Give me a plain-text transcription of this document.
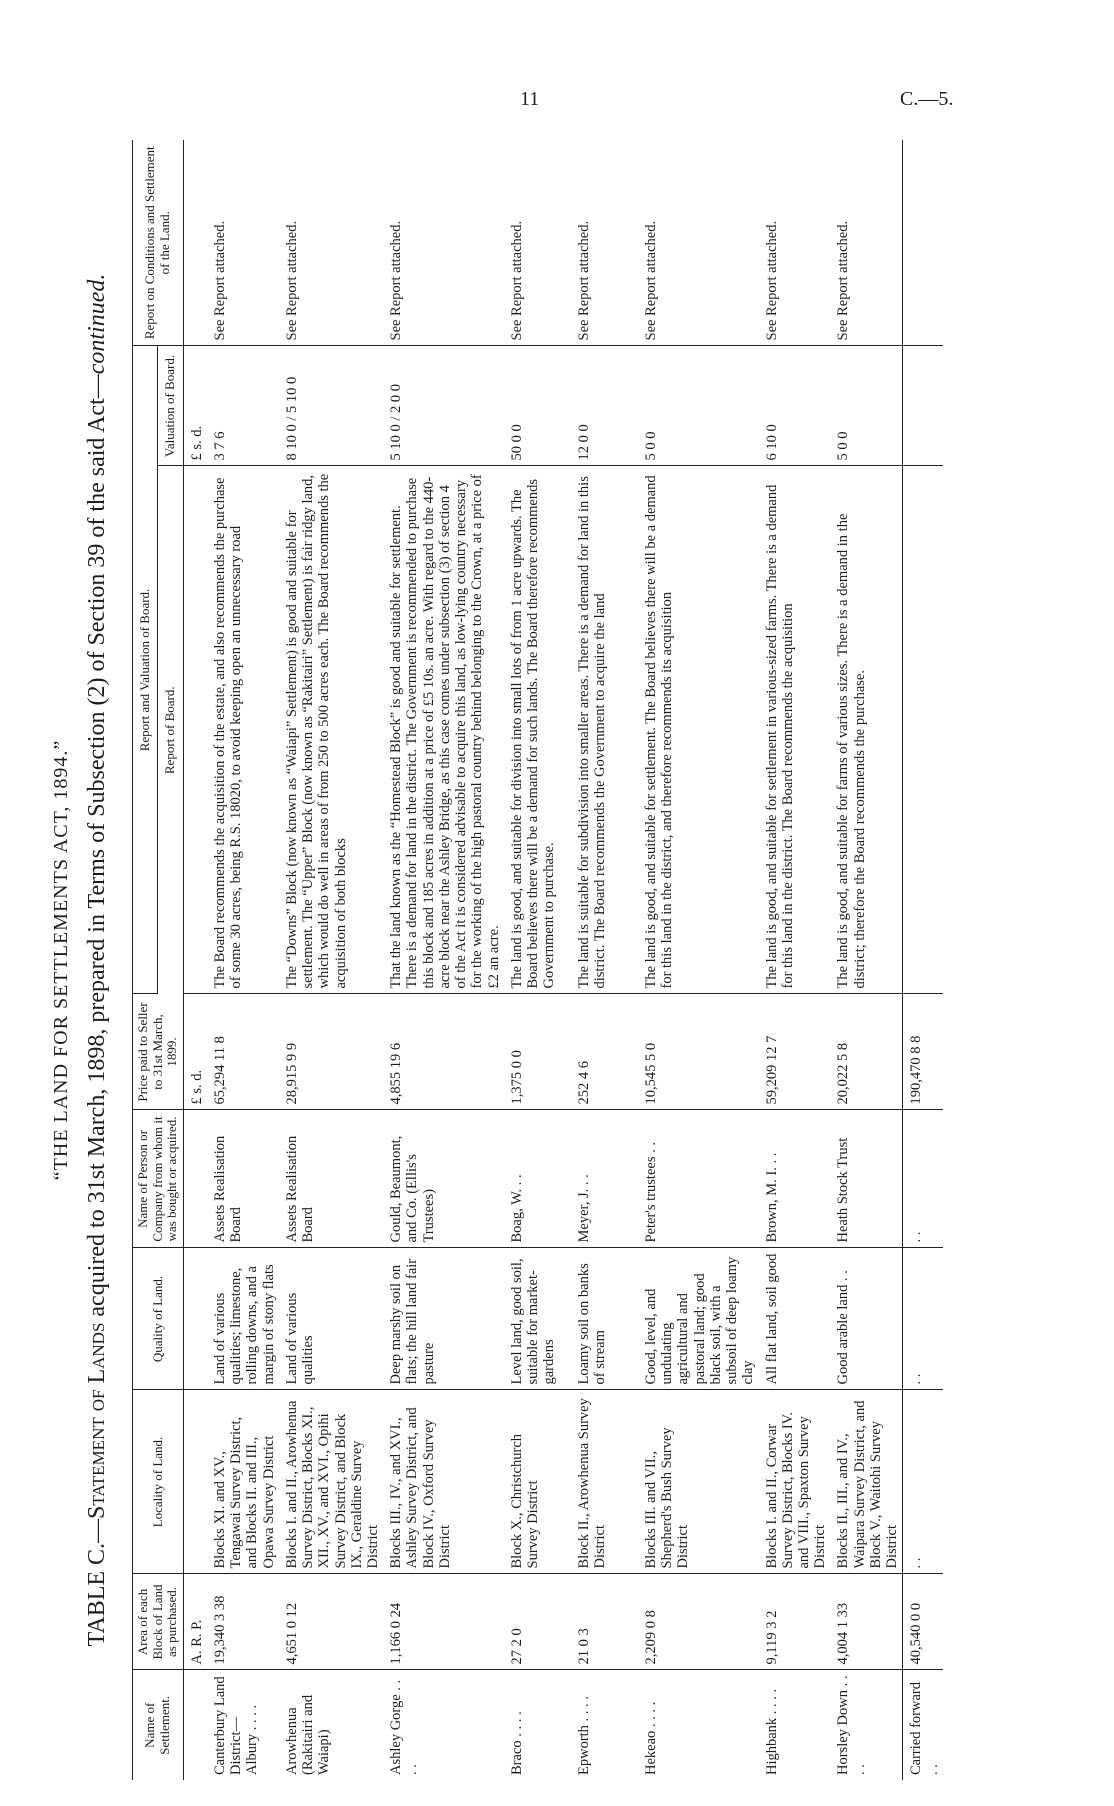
11	C.—5.
“THE LAND FOR SETTLEMENTS ACT, 1894.”
TABLE C.—Statement of Lands acquired to 31st March, 1898, prepared in Terms of Subsection (2) of Section 39 of the said Act—continued.
Name of Settlement.	Area of each Block of Land as purchased.	Locality of Land.	Quality of Land.	Name of Person or Company from whom it was bought or acquired.	Price paid to Seller to 31st March, 1899.	Report and Valuation of Board.		Report on Conditions and Settlement of the Land.
						Report of Board.	Valuation of Board.	
	A. R. P.				£ s. d.		£ s. d.	
Canterbury Land District— Albury . . . .	19,340 3 38	Blocks XI. and XV., Tengawai Survey District, and Blocks II. and III., Opawa Survey District	Land of various qualities; limestone, rolling downs, and a margin of stony flats	Assets Realisation Board	65,294 11 8	The Board recommends the acquisition of the estate, and also recommends the purchase of some 30 acres, being R.S. 18020, to avoid keeping open an unnecessary road	3 7 6	See Report attached.
Arowhenua (Rakitairi and Waiapi)	4,651 0 12	Blocks I. and II., Arowhenua Survey District, Blocks XI., XII., XV., and XVI., Opihi Survey District, and Block IX., Geraldine Survey District	Land of various qualities	Assets Realisation Board	28,915 9 9	The “Downs” Block (now known as “Waiapi” Settlement) is good and suitable for settlement. The “Upper” Block (now known as “Rakitairi” Settlement) is fair ridgy land, which would do well in areas of from 250 to 500 acres each. The Board recommends the acquisition of both blocks	8 10 0 / 5 10 0	See Report attached.
Ashley Gorge . . . .	1,166 0 24	Blocks III., IV., and XVI., Ashley Survey District, and Block IV., Oxford Survey District	Deep marshy soil on flats; the hill land fair pasture	Gould, Beaumont, and Co. (Ellis's Trustees)	4,855 19 6	That the land known as the “Homestead Block” is good and suitable for settlement. There is a demand for land in the district. The Government is recommended to purchase this block and 185 acres in addition at a price of £5 10s. an acre. With regard to the 440-acre block near the Ashley Bridge, as this case comes under subsection (3) of section 4 of the Act it is considered advisable to acquire this land, as low-lying country necessary for the working of the high pastoral country behind belonging to the Crown, at a price of £2 an acre.	5 10 0 / 2 0 0	See Report attached.
Braco . . . .	27 2 0	Block X., Christchurch Survey District	Level land, good soil, suitable for market-gardens	Boag, W. . .	1,375 0 0	The land is good, and suitable for division into small lots of from 1 acre upwards. The Board believes there will be a demand for such lands. The Board therefore recommends Government to purchase.	50 0 0	See Report attached.
Epworth . . . .	21 0 3	Block II., Arowhenua Survey District	Loamy soil on banks of stream	Meyer, J. . .	252 4 6	The land is suitable for subdivision into smaller areas. There is a demand for land in this district. The Board recommends the Government to acquire the land	12 0 0	See Report attached.
Hekeao . . . .	2,209 0 8	Blocks III. and VII., Shepherd's Bush Survey District	Good, level, and undulating agricultural and pastoral land; good black soil, with a subsoil of deep loamy clay	Peter's trustees . .	10,545 5 0	The land is good, and suitable for settlement. The Board believes there will be a demand for this land in the district, and therefore recommends its acquisition	5 0 0	See Report attached.
Highbank . . . .	9,119 3 2	Blocks I. and II., Corwar Survey District, Blocks IV. and VIII., Spaxton Survey District	All flat land, soil good	Brown, M. I. . .	59,209 12 7	The land is good, and suitable for settlement in various-sized farms. There is a demand for this land in the district. The Board recommends the acquisition	6 10 0	See Report attached.
Horsley Down . . . .	4,004 1 33	Blocks II., III., and IV., Waipara Survey District, and Block V., Waitohi Survey District	Good arable land . .	Heath Stock Trust	20,022 5 8	The land is good, and suitable for farms of various sizes. There is a demand in the district; therefore the Board recommends the purchase.	5 0 0	See Report attached.
Carried forward . .	40,540 0 0	. .	. .	. .	190,470 8 8			
